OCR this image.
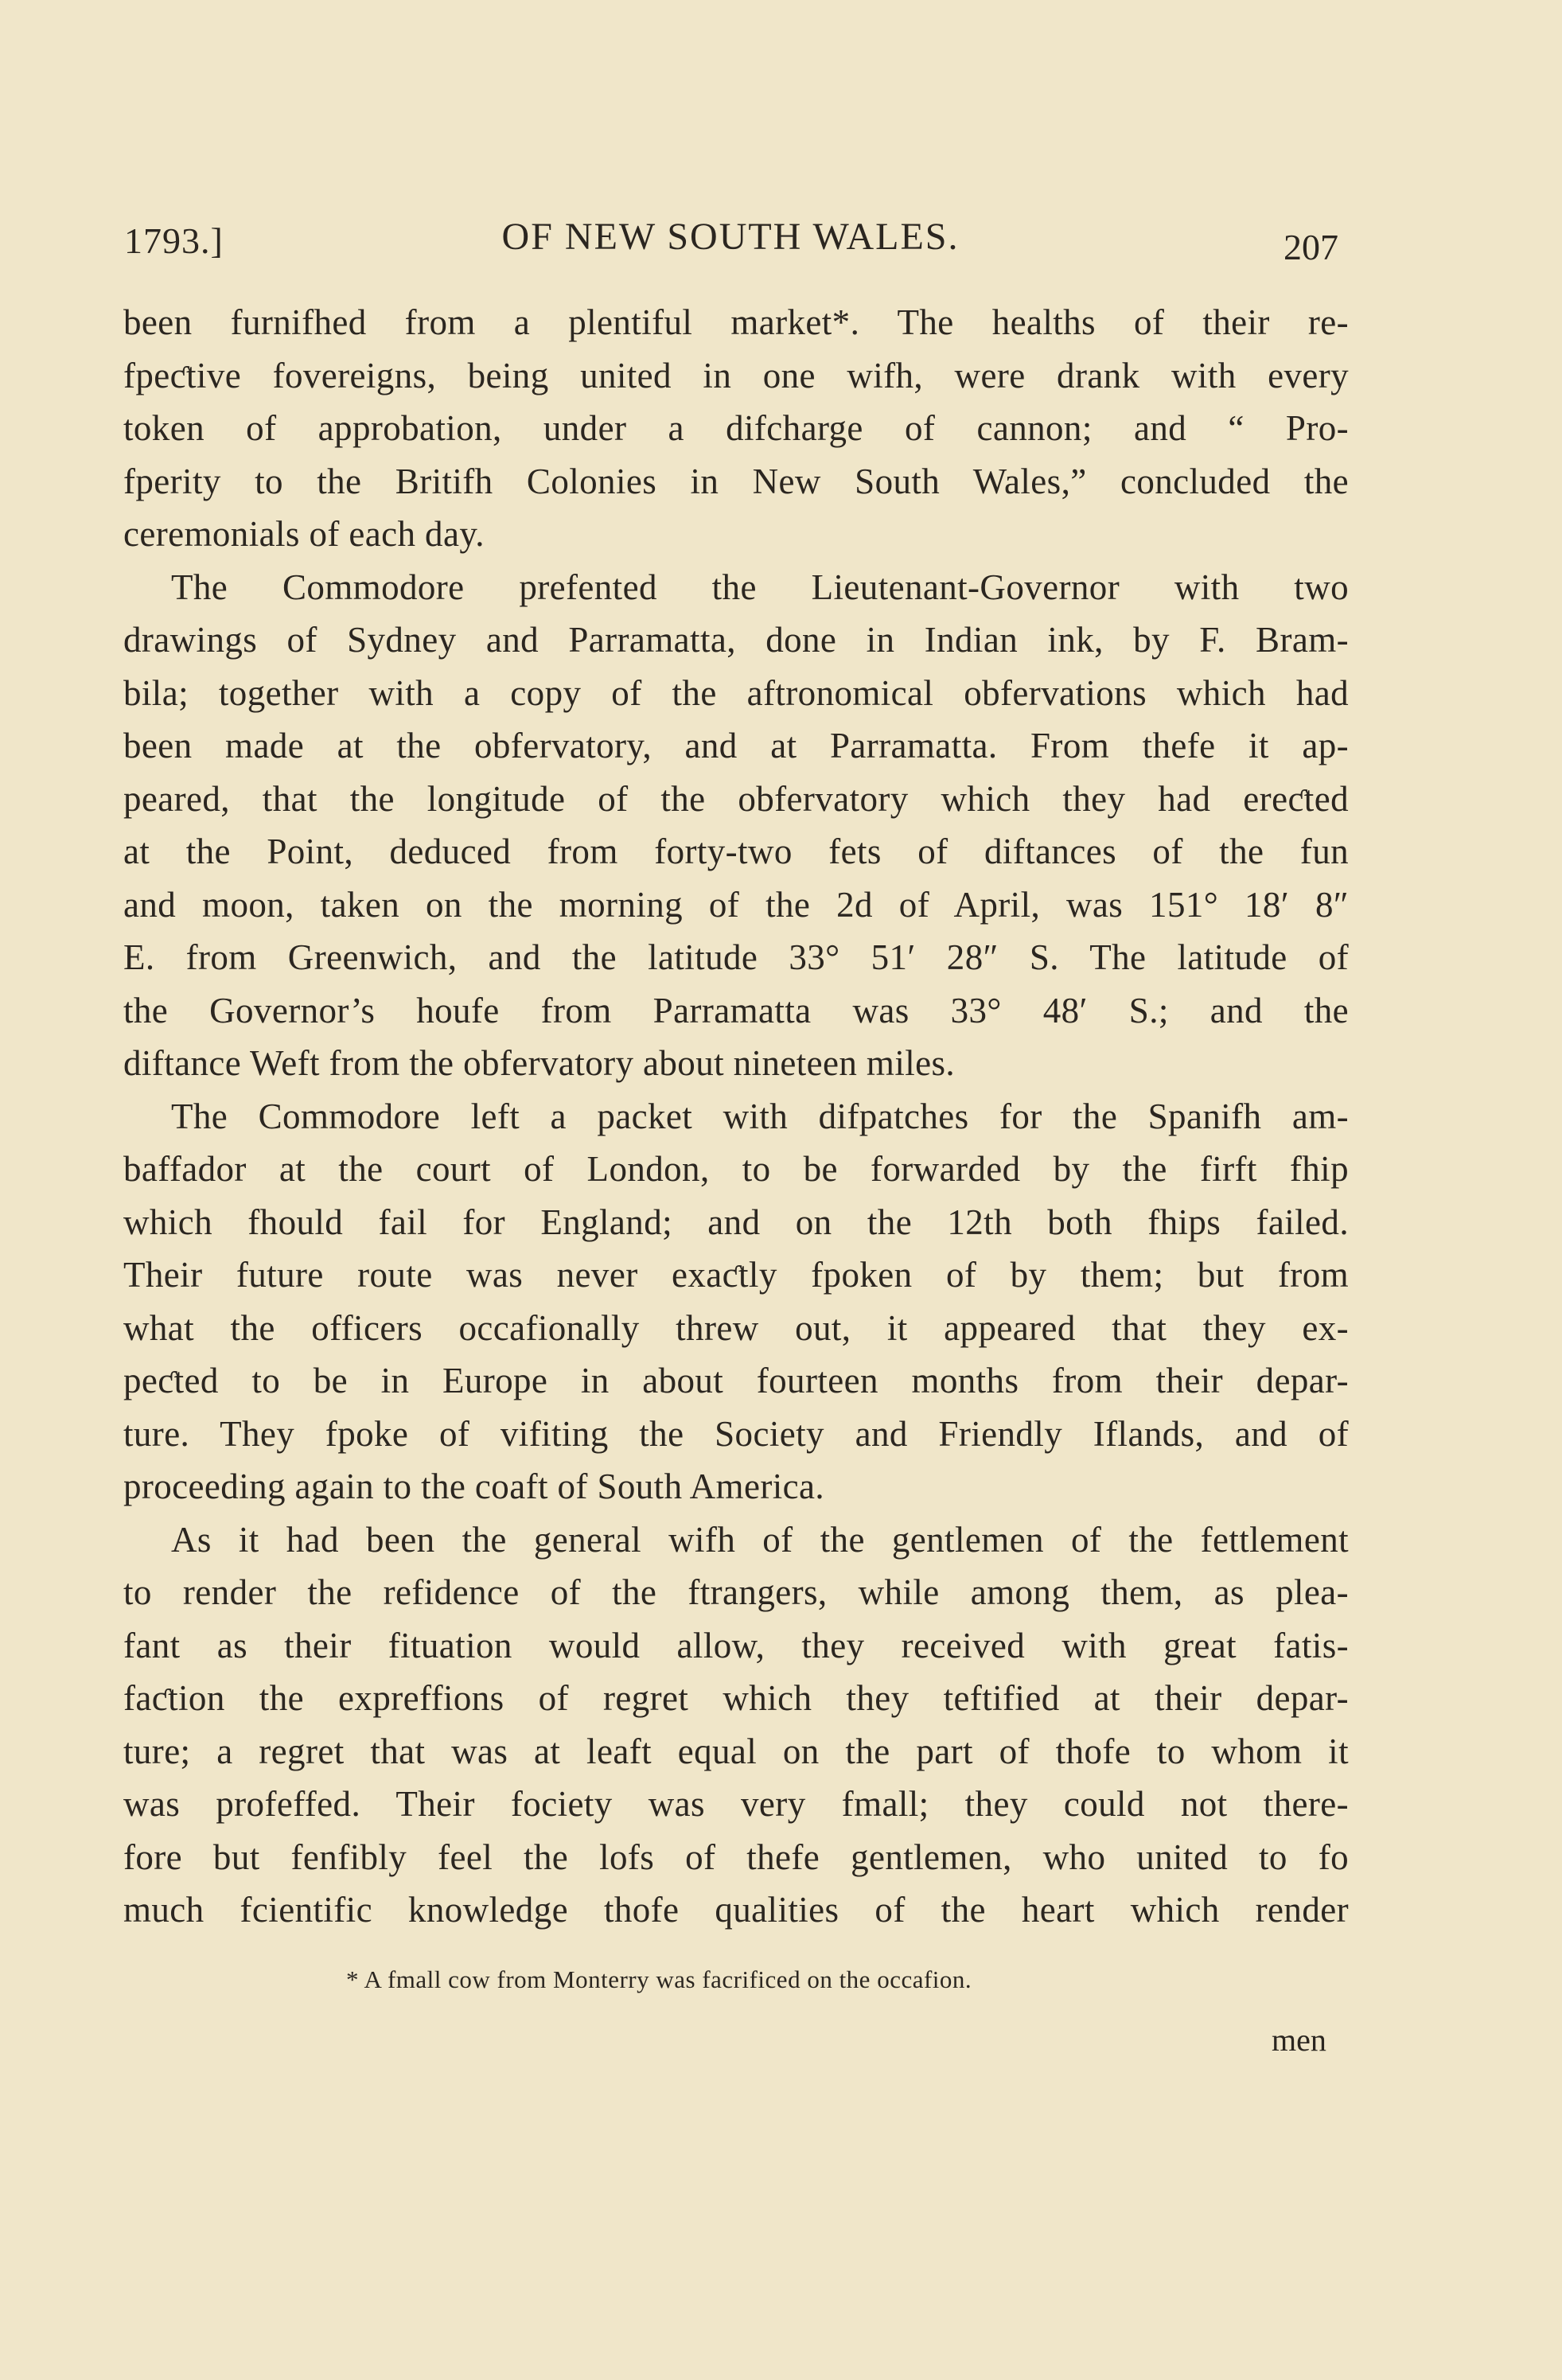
1793.]	OF NEW SOUTH WALES.	207
been furnifhed from a plentiful market*. The healths of their re-
fpeƈtive fovereigns, being united in one wifh, were drank with every
token of approbation, under a difcharge of cannon; and “ Pro-
fperity to the Britifh Colonies in New South Wales,” concluded the
ceremonials of each day.
The Commodore prefented the Lieutenant-Governor with two
drawings of Sydney and Parramatta, done in Indian ink, by F. Bram-
bila; together with a copy of the aftronomical obfervations which had
been made at the obfervatory, and at Parramatta. From thefe it ap-
peared, that the longitude of the obfervatory which they had ereƈted
at the Point, deduced from forty-two fets of diftances of the fun
and moon, taken on the morning of the 2d of April, was 151° 18′ 8″
E. from Greenwich, and the latitude 33° 51′ 28″ S. The latitude of
the Governor’s houfe from Parramatta was 33° 48′ S.; and the
diftance Weft from the obfervatory about nineteen miles.
The Commodore left a packet with difpatches for the Spanifh am-
baffador at the court of London, to be forwarded by the firft fhip
which fhould fail for England; and on the 12th both fhips failed.
Their future route was never exaƈtly fpoken of by them; but from
what the officers occafionally threw out, it appeared that they ex-
peƈted to be in Europe in about fourteen months from their depar-
ture. They fpoke of vifiting the Society and Friendly Iflands, and of
proceeding again to the coaft of South America.
As it had been the general wifh of the gentlemen of the fettlement
to render the refidence of the ftrangers, while among them, as plea-
fant as their fituation would allow, they received with great fatis-
faƈtion the expreffions of regret which they teftified at their depar-
ture; a regret that was at leaft equal on the part of thofe to whom it
was profeffed. Their fociety was very fmall; they could not there-
fore but fenfibly feel the lofs of thefe gentlemen, who united to fo
much fcientific knowledge thofe qualities of the heart which render
* A fmall cow from Monterry was facrificed on the occafion.
men
